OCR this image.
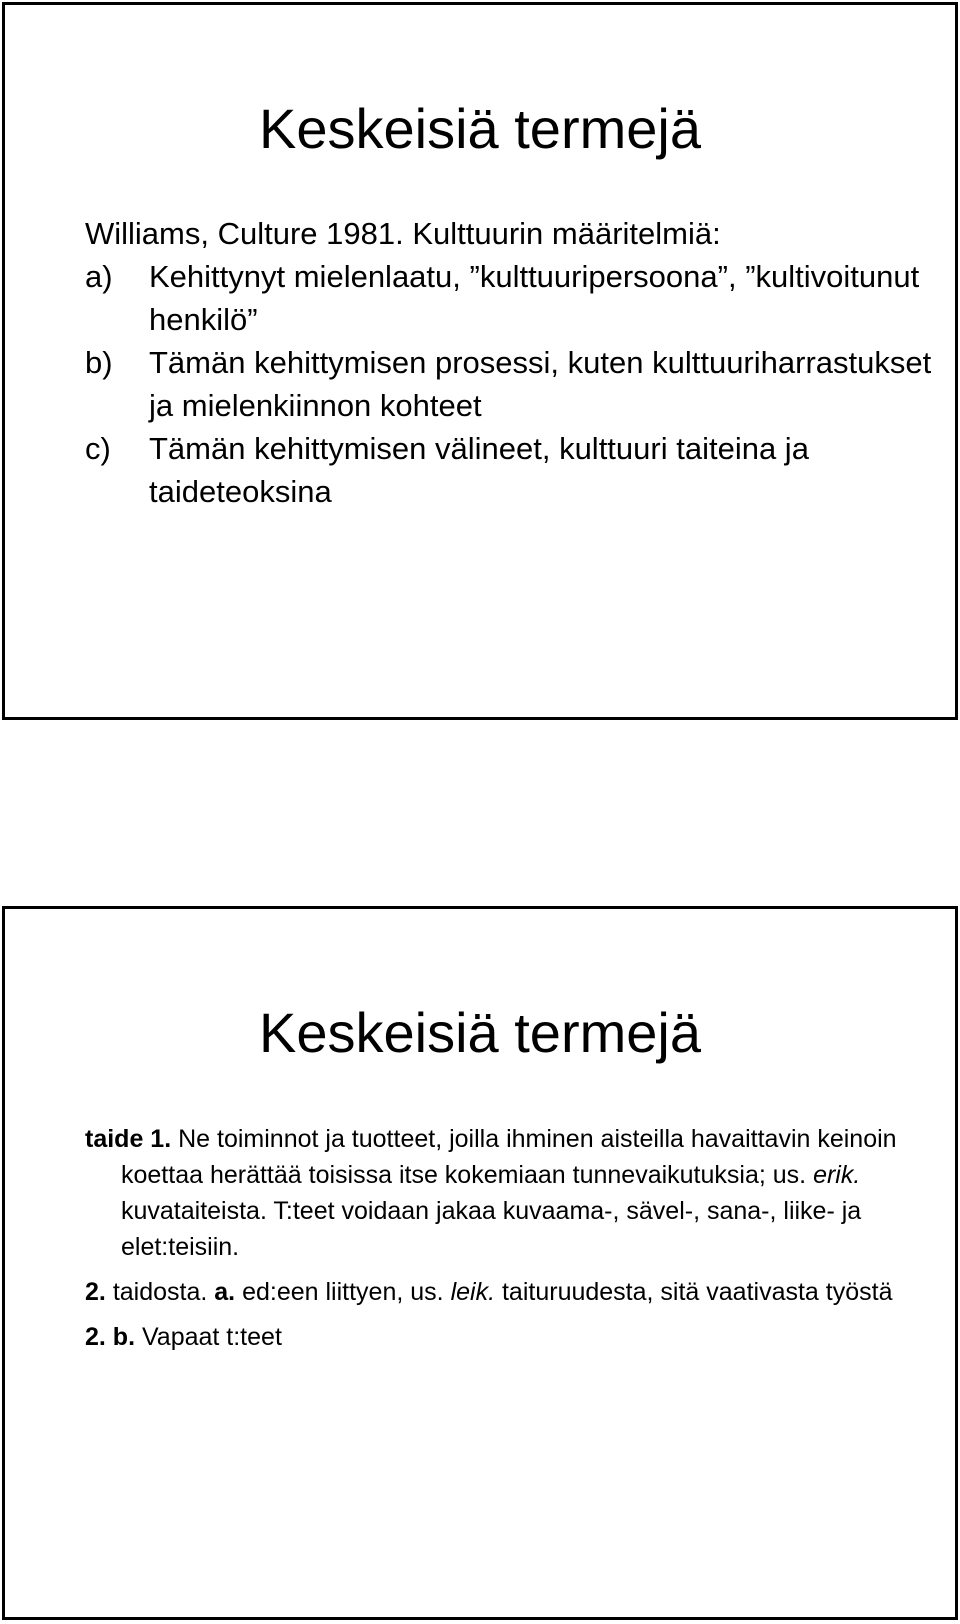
Keskeisiä termejä
Williams, Culture 1981. Kulttuurin määritelmiä:
a)	Kehittynyt mielenlaatu, ”kulttuuripersoona”, ”kultivoitunut henkilö”
b)	Tämän kehittymisen prosessi, kuten kulttuuriharrastukset ja mielenkiinnon kohteet
c)	Tämän kehittymisen välineet, kulttuuri taiteina ja taideteoksina
Keskeisiä termejä
taide 1. Ne toiminnot ja tuotteet, joilla ihminen aisteilla havaittavin keinoin koettaa herättää toisissa itse kokemiaan tunnevaikutuksia; us. erik. kuvataiteista. T:teet voidaan jakaa kuvaama-, sävel-, sana-, liike- ja elet:teisiin.
2. taidosta. a. ed:een liittyen, us. leik. taituruudesta, sitä vaativasta työstä
2. b. Vapaat t:teet
